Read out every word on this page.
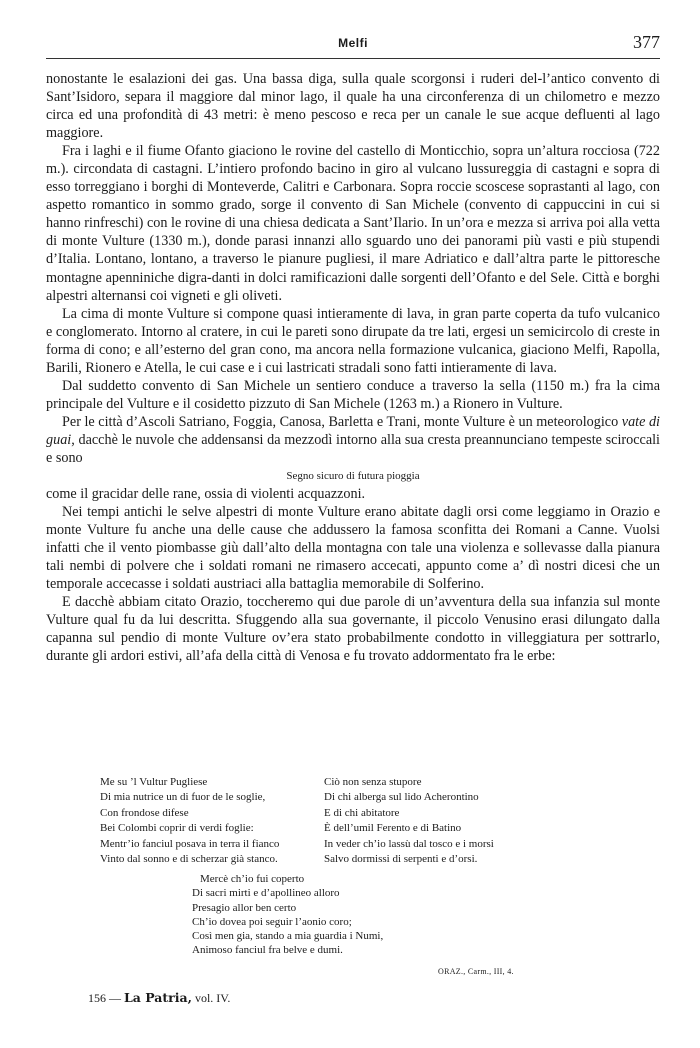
Melfi	377

nonostante le esalazioni dei gas. Una bassa diga, sulla quale scorgonsi i ruderi del-l’antico convento di Sant’Isidoro, separa il maggiore dal minor lago, il quale ha una circonferenza di un chilometro e mezzo circa ed una profondità di 43 metri: è meno pescoso e reca per un canale le sue acque defluenti al lago maggiore.

Fra i laghi e il fiume Ofanto giaciono le rovine del castello di Monticchio, sopra un’altura rocciosa (722 m.). circondata di castagni. L’intiero profondo bacino in giro al vulcano lussureggia di castagni e sopra di esso torreggiano i borghi di Monteverde, Calitri e Carbonara. Sopra roccie scoscese soprastanti al lago, con aspetto romantico in sommo grado, sorge il convento di San Michele (convento di cappuccini in cui si hanno rinfreschi) con le rovine di una chiesa dedicata a Sant’Ilario. In un’ora e mezza si arriva poi alla vetta di monte Vulture (1330 m.), donde parasi innanzi allo sguardo uno dei panorami più vasti e più stupendi d’Italia. Lontano, lontano, a traverso le pianure pugliesi, il mare Adriatico e dall’altra parte le pittoresche montagne apenniniche digra-danti in dolci ramificazioni dalle sorgenti dell’Ofanto e del Sele. Città e borghi alpestri alternansi coi vigneti e gli oliveti.

La cima di monte Vulture si compone quasi intieramente di lava, in gran parte coperta da tufo vulcanico e conglomerato. Intorno al cratere, in cui le pareti sono dirupate da tre lati, ergesi un semicircolo di creste in forma di cono; e all’esterno del gran cono, ma ancora nella formazione vulcanica, giaciono Melfi, Rapolla, Barili, Rionero e Atella, le cui case e i cui lastricati stradali sono fatti intieramente di lava.

Dal suddetto convento di San Michele un sentiero conduce a traverso la sella (1150 m.) fra la cima principale del Vulture e il cosidetto pizzuto di San Michele (1263 m.) a Rionero in Vulture.

Per le città d’Ascoli Satriano, Foggia, Canosa, Barletta e Trani, monte Vulture è un meteorologico vate di guai, dacchè le nuvole che addensansi da mezzodì intorno alla sua cresta preannunciano tempeste sciroccali e sono

Segno sicuro di futura pioggia

come il gracidar delle rane, ossia di violenti acquazzoni.

Nei tempi antichi le selve alpestri di monte Vulture erano abitate dagli orsi come leggiamo in Orazio e monte Vulture fu anche una delle cause che addussero la famosa sconfitta dei Romani a Canne. Vuolsi infatti che il vento piombasse giù dall’alto della montagna con tale una violenza e sollevasse dalla pianura tali nembi di polvere che i soldati romani ne rimasero accecati, appunto come a’ dì nostri dicesi che un temporale accecasse i soldati austriaci alla battaglia memorabile di Solferino.

E dacchè abbiam citato Orazio, toccheremo qui due parole di un’avventura della sua infanzia sul monte Vulture qual fu da lui descritta. Sfuggendo alla sua governante, il piccolo Venusino erasi dilungato dalla capanna sul pendio di monte Vulture ov’era stato probabilmente condotto in villeggiatura per sottrarlo, durante gli ardori estivi, all’afa della città di Venosa e fu trovato addormentato fra le erbe:

Me su ’l Vultur Pugliese
Di mia nutrice un di fuor de le soglie,
Con frondose difese
Bei Colombi coprir di verdi foglie:
Mentr’io fanciul posava in terra il fianco
Vinto dal sonno e di scherzar già stanco.
Ciò non senza stupore
Di chi alberga sul lido Acherontino
E di chi abitatore
È dell’umil Ferento e di Batino
In veder ch’io lassù dal tosco e i morsi
Salvo dormissi di serpenti e d’orsi.
Mercè ch’io fui coperto
Di sacri mirti e d’apollineo alloro
Presagio allor ben certo
Ch’io dovea poi seguir l’aonio coro;
Così men gia, stando a mia guardia i Numi,
Animoso fanciul fra belve e dumi.
ORAZ., Carm., III, 4.
156 — La Patria, vol. IV.
